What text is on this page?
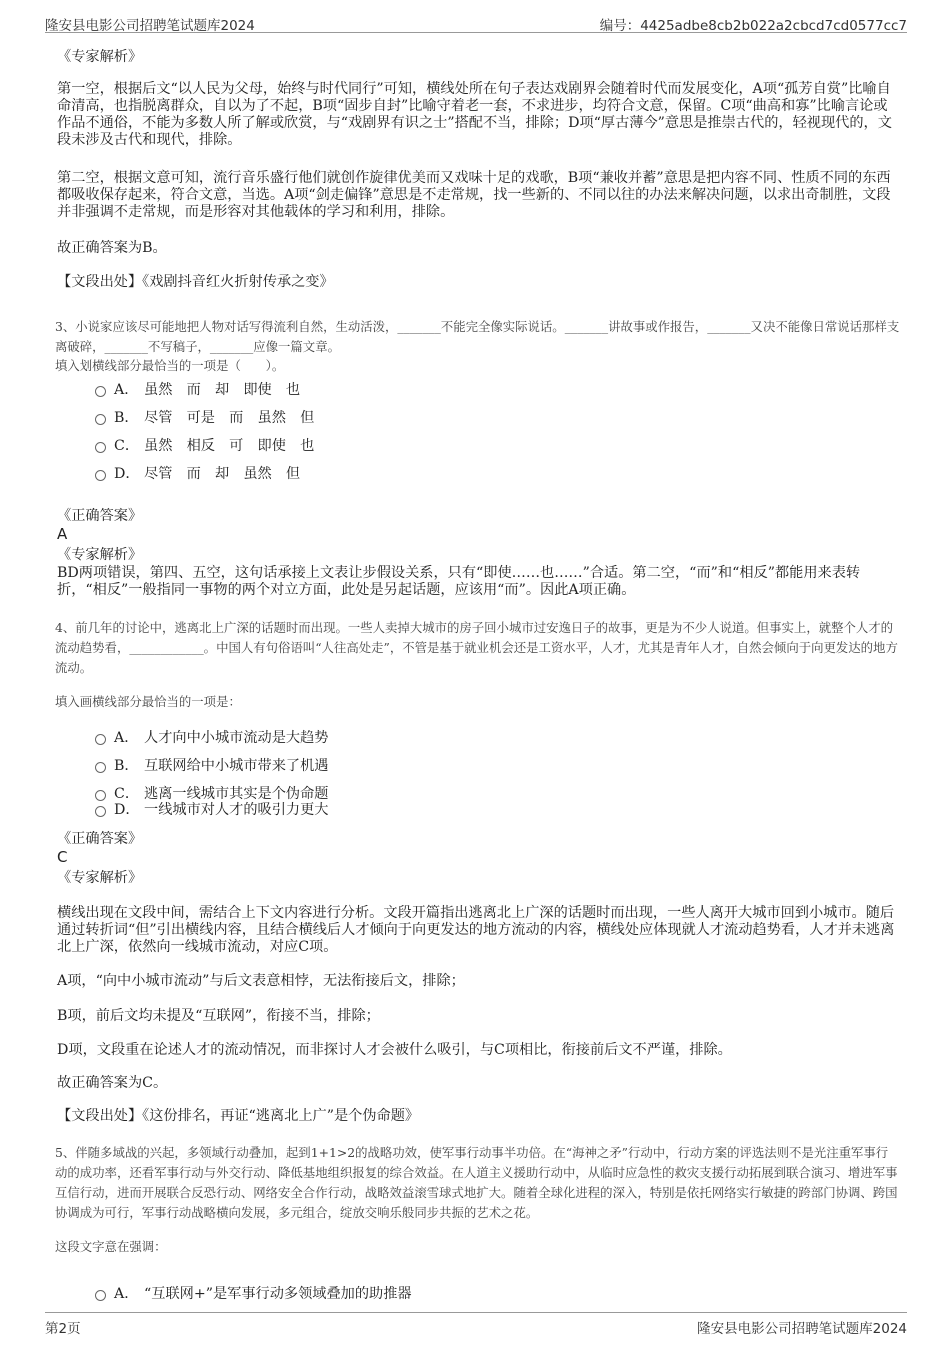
隆安县电影公司招聘笔试题库2024	编号：4425adbe8cb2b022a2cbcd7cd0577cc7

《专家解析》

第一空，根据后文“以人民为父母，始终与时代同行”可知，横线处所在句子表达戏剧界会随着时代而发展变化，A项“孤芳自赏”比喻自命清高，也指脱离群众，自以为了不起，B项“固步自封”比喻守着老一套，不求进步，均符合文意，保留。C项“曲高和寡”比喻言论或作品不通俗，不能为多数人所了解或欣赏，与“戏剧界有识之士”搭配不当，排除；D项“厚古薄今”意思是推崇古代的，轻视现代的，文段未涉及古代和现代，排除。

第二空，根据文意可知，流行音乐盛行他们就创作旋律优美而又戏味十足的戏歌，B项“兼收并蓄”意思是把内容不同、性质不同的东西都吸收保存起来，符合文意，当选。A项“剑走偏锋”意思是不走常规，找一些新的、不同以往的办法来解决问题，以求出奇制胜，文段并非强调不走常规，而是形容对其他载体的学习和利用，排除。

故正确答案为B。

【文段出处】《戏剧抖音红火折射传承之变》

3、小说家应该尽可能地把人物对话写得流利自然，生动活泼，_______不能完全像实际说话。_______讲故事或作报告，_______又决不能像日常说话那样支离破碎，_______不写稿子，_______应像一篇文章。

填入划横线部分最恰当的一项是（　　）。

A． 虽然　而　却　即使　也
B． 尽管　可是　而　虽然　但
C． 虽然　相反　可　即使　也
D． 尽管　而　却　虽然　但

《正确答案》

A

《专家解析》

BD两项错误，第四、五空，这句话承接上文表让步假设关系，只有“即使……也……”合适。第二空，“而”和“相反”都能用来表转折，“相反”一般指同一事物的两个对立方面，此处是另起话题，应该用“而”。因此A项正确。

4、前几年的讨论中，逃离北上广深的话题时而出现。一些人卖掉大城市的房子回小城市过安逸日子的故事，更是为不少人说道。但事实上，就整个人才的流动趋势看，____________。中国人有句俗语叫“人往高处走”，不管是基于就业机会还是工资水平，人才，尤其是青年人才，自然会倾向于向更发达的地方流动。

填入画横线部分最恰当的一项是：

A． 人才向中小城市流动是大趋势
B． 互联网给中小城市带来了机遇
C． 逃离一线城市其实是个伪命题
D． 一线城市对人才的吸引力更大

《正确答案》

C

《专家解析》

横线出现在文段中间，需结合上下文内容进行分析。文段开篇指出逃离北上广深的话题时而出现，一些人离开大城市回到小城市。随后通过转折词“但”引出横线内容，且结合横线后人才倾向于向更发达的地方流动的内容，横线处应体现就人才流动趋势看，人才并未逃离北上广深，依然向一线城市流动，对应C项。

A项，“向中小城市流动”与后文表意相悖，无法衔接后文，排除；

B项，前后文均未提及“互联网”，衔接不当，排除；

D项，文段重在论述人才的流动情况，而非探讨人才会被什么吸引，与C项相比，衔接前后文不严谨，排除。

故正确答案为C。

【文段出处】《这份排名，再证“逃离北上广”是个伪命题》

5、伴随多域战的兴起，多领域行动叠加，起到1+1>2的战略功效，使军事行动事半功倍。在“海神之矛”行动中，行动方案的评选法则不是光注重军事行动的成功率，还看军事行动与外交行动、降低基地组织报复的综合效益。在人道主义援助行动中，从临时应急性的救灾支援行动拓展到联合演习、增进军事互信行动，进而开展联合反恐行动、网络安全合作行动，战略效益滚雪球式地扩大。随着全球化进程的深入，特别是依托网络实行敏捷的跨部门协调、跨国协调成为可行，军事行动战略横向发展，多元组合，绽放交响乐般同步共振的艺术之花。

这段文字意在强调：

A． “互联网+”是军事行动多领域叠加的助推器
第2页	隆安县电影公司招聘笔试题库2024
